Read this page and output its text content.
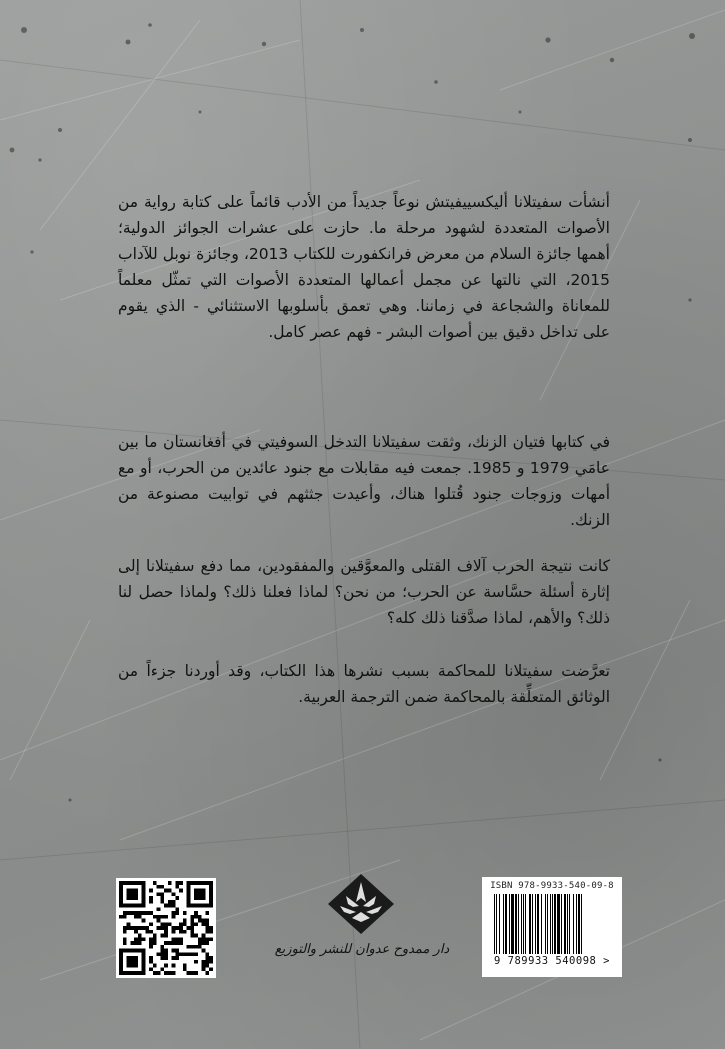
أنشأت سفيتلانا أليكسييفيتش نوعاً جديداً من الأدب قائماً على كتابة رواية من الأصوات المتعددة لشهود مرحلة ما. حازت على عشرات الجوائز الدولية؛ أهمها جائزة السلام من معرض فرانكفورت للكتاب 2013، وجائزة نوبل للآداب 2015، التي نالتها عن مجمل أعمالها المتعددة الأصوات التي تمثّل معلماً للمعاناة والشجاعة في زماننا. وهي تعمق بأسلوبها الاستثنائي - الذي يقوم على تداخل دقيق بين أصوات البشر - فهم عصر كامل.

في كتابها فتيان الزنك، وثقت سفيتلانا التدخل السوفيتي في أفغانستان ما بين عامَي 1979 و 1985. جمعت فيه مقابلات مع جنود عائدين من الحرب، أو مع أمهات وزوجات جنود قُتلوا هناك، وأعيدت جثثهم في توابيت مصنوعة من الزنك.

كانت نتيجة الحرب آلاف القتلى والمعوَّقين والمفقودين، مما دفع سفيتلانا إلى إثارة أسئلة حسَّاسة عن الحرب؛ من نحن؟ لماذا فعلنا ذلك؟ ولماذا حصل لنا ذلك؟ والأهم، لماذا صدَّقنا ذلك كله؟

تعرَّضت سفيتلانا للمحاكمة بسبب نشرها هذا الكتاب، وقد أوردنا جزءاً من الوثائق المتعلِّقة بالمحاكمة ضمن الترجمة العربية.

دار ممدوح عدوان للنشر والتوزيع
ISBN 978-9933-540-09-8
9 789933 540098 >
